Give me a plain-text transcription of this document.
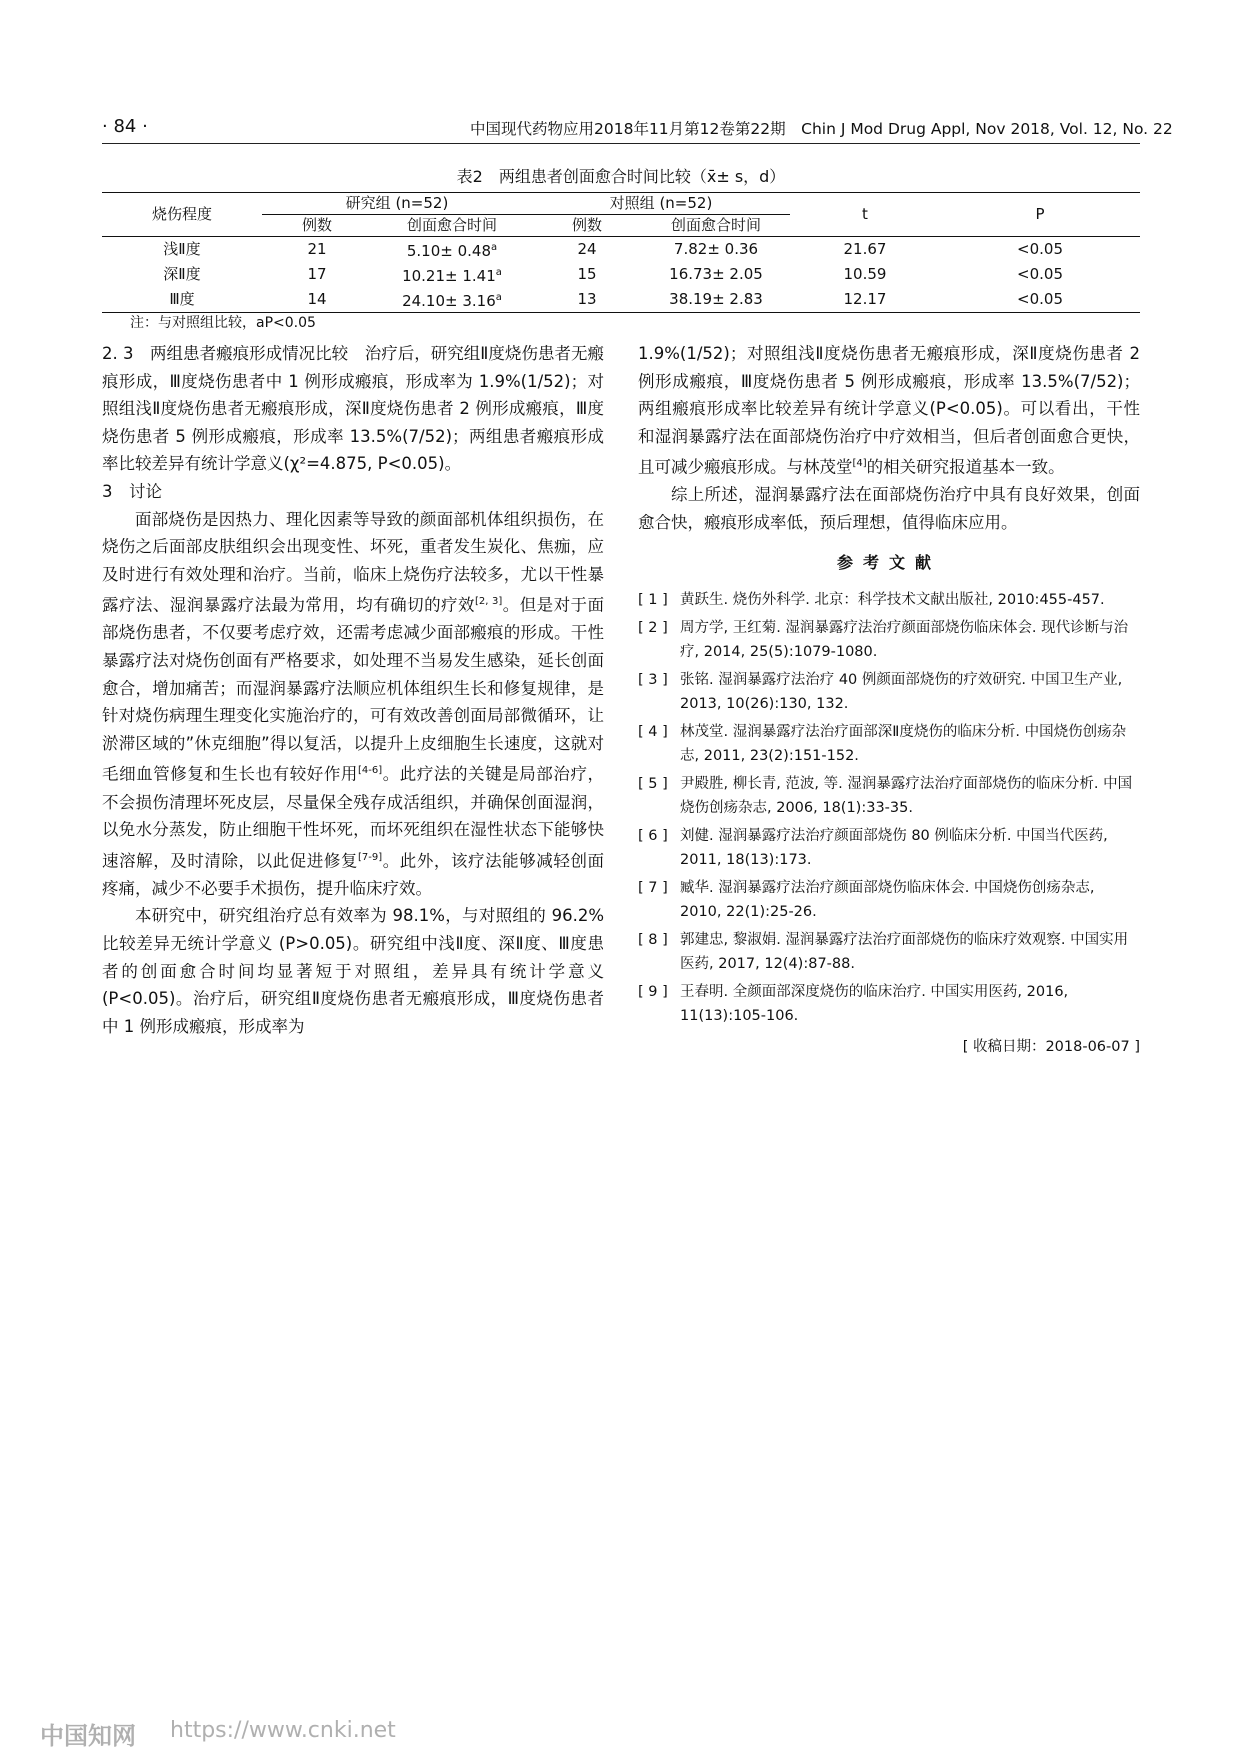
· 84 ·	中国现代药物应用2018年11月第12卷第22期　Chin J Mod Drug Appl, Nov 2018, Vol. 12, No. 22
表2　两组患者创面愈合时间比较（x̄± s，d）
烧伤程度	研究组 (n=52)		对照组 (n=52)		t	P
	例数	创面愈合时间	例数	创面愈合时间		
浅Ⅱ度	21	5.10± 0.48$^a$	24	7.82± 0.36	21.67	<0.05
深Ⅱ度	17	10.21± 1.41$^a$	15	16.73± 2.05	10.59	<0.05
Ⅲ度	14	24.10± 3.16$^a$	13	38.19± 2.83	12.17	<0.05
注：与对照组比较，aP<0.05

2. 3　两组患者瘢痕形成情况比较　治疗后，研究组Ⅱ度烧伤患者无瘢痕形成，Ⅲ度烧伤患者中 1 例形成瘢痕，形成率为 1.9%(1/52)；对照组浅Ⅱ度烧伤患者无瘢痕形成，深Ⅱ度烧伤患者 2 例形成瘢痕，Ⅲ度烧伤患者 5 例形成瘢痕，形成率 13.5%(7/52)；两组患者瘢痕形成率比较差异有统计学意义(χ²=4.875, P<0.05)。

3　讨论

面部烧伤是因热力、理化因素等导致的颜面部机体组织损伤，在烧伤之后面部皮肤组织会出现变性、坏死，重者发生炭化、焦痂，应及时进行有效处理和治疗。当前，临床上烧伤疗法较多，尤以干性暴露疗法、湿润暴露疗法最为常用，均有确切的疗效[2, 3]。但是对于面部烧伤患者，不仅要考虑疗效，还需考虑减少面部瘢痕的形成。干性暴露疗法对烧伤创面有严格要求，如处理不当易发生感染，延长创面愈合，增加痛苦；而湿润暴露疗法顺应机体组织生长和修复规律，是针对烧伤病理生理变化实施治疗的，可有效改善创面局部微循环，让淤滞区域的”休克细胞”得以复活，以提升上皮细胞生长速度，这就对毛细血管修复和生长也有较好作用[4-6]。此疗法的关键是局部治疗，不会损伤清理坏死皮层，尽量保全残存成活组织，并确保创面湿润，以免水分蒸发，防止细胞干性坏死，而坏死组织在湿性状态下能够快速溶解，及时清除，以此促进修复[7-9]。此外，该疗法能够减轻创面疼痛，减少不必要手术损伤，提升临床疗效。

本研究中，研究组治疗总有效率为 98.1%，与对照组的 96.2% 比较差异无统计学意义 (P>0.05)。研究组中浅Ⅱ度、深Ⅱ度、Ⅲ度患者的创面愈合时间均显著短于对照组，差异具有统计学意义 (P<0.05)。治疗后，研究组Ⅱ度烧伤患者无瘢痕形成，Ⅲ度烧伤患者中 1 例形成瘢痕，形成率为

1.9%(1/52)；对照组浅Ⅱ度烧伤患者无瘢痕形成，深Ⅱ度烧伤患者 2 例形成瘢痕，Ⅲ度烧伤患者 5 例形成瘢痕，形成率 13.5%(7/52)；两组瘢痕形成率比较差异有统计学意义(P<0.05)。可以看出，干性和湿润暴露疗法在面部烧伤治疗中疗效相当，但后者创面愈合更快，且可减少瘢痕形成。与林茂堂[4]的相关研究报道基本一致。

综上所述，湿润暴露疗法在面部烧伤治疗中具有良好效果，创面愈合快，瘢痕形成率低，预后理想，值得临床应用。

参考文献
[ 1 ] 黄跃生. 烧伤外科学. 北京：科学技术文献出版社, 2010:455-457.
[ 2 ] 周方学, 王红菊. 湿润暴露疗法治疗颜面部烧伤临床体会. 现代诊断与治疗, 2014, 25(5):1079-1080.
[ 3 ] 张铭. 湿润暴露疗法治疗 40 例颜面部烧伤的疗效研究. 中国卫生产业, 2013, 10(26):130, 132.
[ 4 ] 林茂堂. 湿润暴露疗法治疗面部深Ⅱ度烧伤的临床分析. 中国烧伤创疡杂志, 2011, 23(2):151-152.
[ 5 ] 尹殿胜, 柳长青, 范波, 等. 湿润暴露疗法治疗面部烧伤的临床分析. 中国烧伤创疡杂志, 2006, 18(1):33-35.
[ 6 ] 刘健. 湿润暴露疗法治疗颜面部烧伤 80 例临床分析. 中国当代医药, 2011, 18(13):173.
[ 7 ] 臧华. 湿润暴露疗法治疗颜面部烧伤临床体会. 中国烧伤创疡杂志, 2010, 22(1):25-26.
[ 8 ] 郭建忠, 黎淑娟. 湿润暴露疗法治疗面部烧伤的临床疗效观察. 中国实用医药, 2017, 12(4):87-88.
[ 9 ] 王春明. 全颜面部深度烧伤的临床治疗. 中国实用医药, 2016, 11(13):105-106.
[ 收稿日期：2018-06-07 ]
中国知网 https://www.cnki.net
